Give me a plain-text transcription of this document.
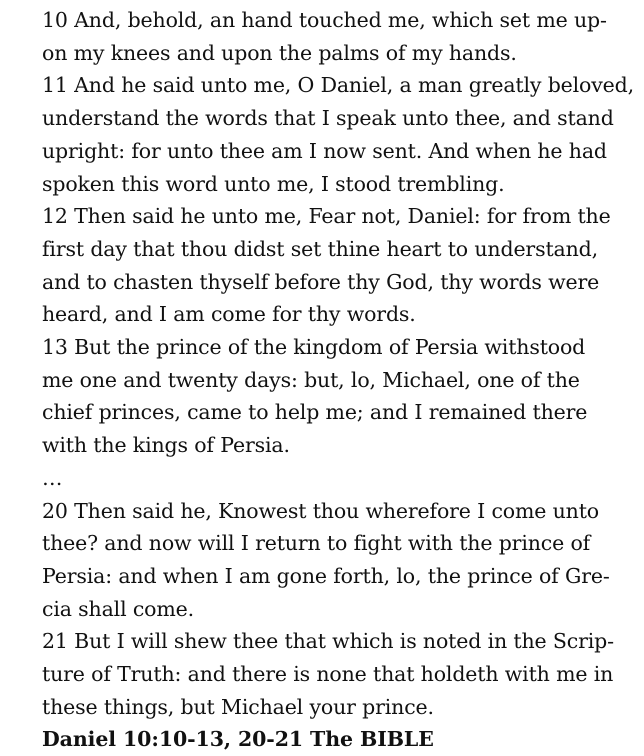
10 And, behold, an hand touched me, which set me up-
on my knees and upon the palms of my hands.
11 And he said unto me, O Daniel, a man greatly beloved,
understand the words that I speak unto thee, and stand
upright: for unto thee am I now sent. And when he had
spoken this word unto me, I stood trembling.
12 Then said he unto me, Fear not, Daniel: for from the
first day that thou didst set thine heart to understand,
and to chasten thyself before thy God, thy words were
heard, and I am come for thy words.
13 But the prince of the kingdom of Persia withstood
me one and twenty days: but, lo, Michael, one of the
chief princes, came to help me; and I remained there
with the kings of Persia.
…
20 Then said he, Knowest thou wherefore I come unto
thee? and now will I return to fight with the prince of
Persia: and when I am gone forth, lo, the prince of Gre-
cia shall come.
21 But I will shew thee that which is noted in the Scrip-
ture of Truth: and there is none that holdeth with me in
these things, but Michael your prince.
Daniel 10:10-13, 20-21 The BIBLE
